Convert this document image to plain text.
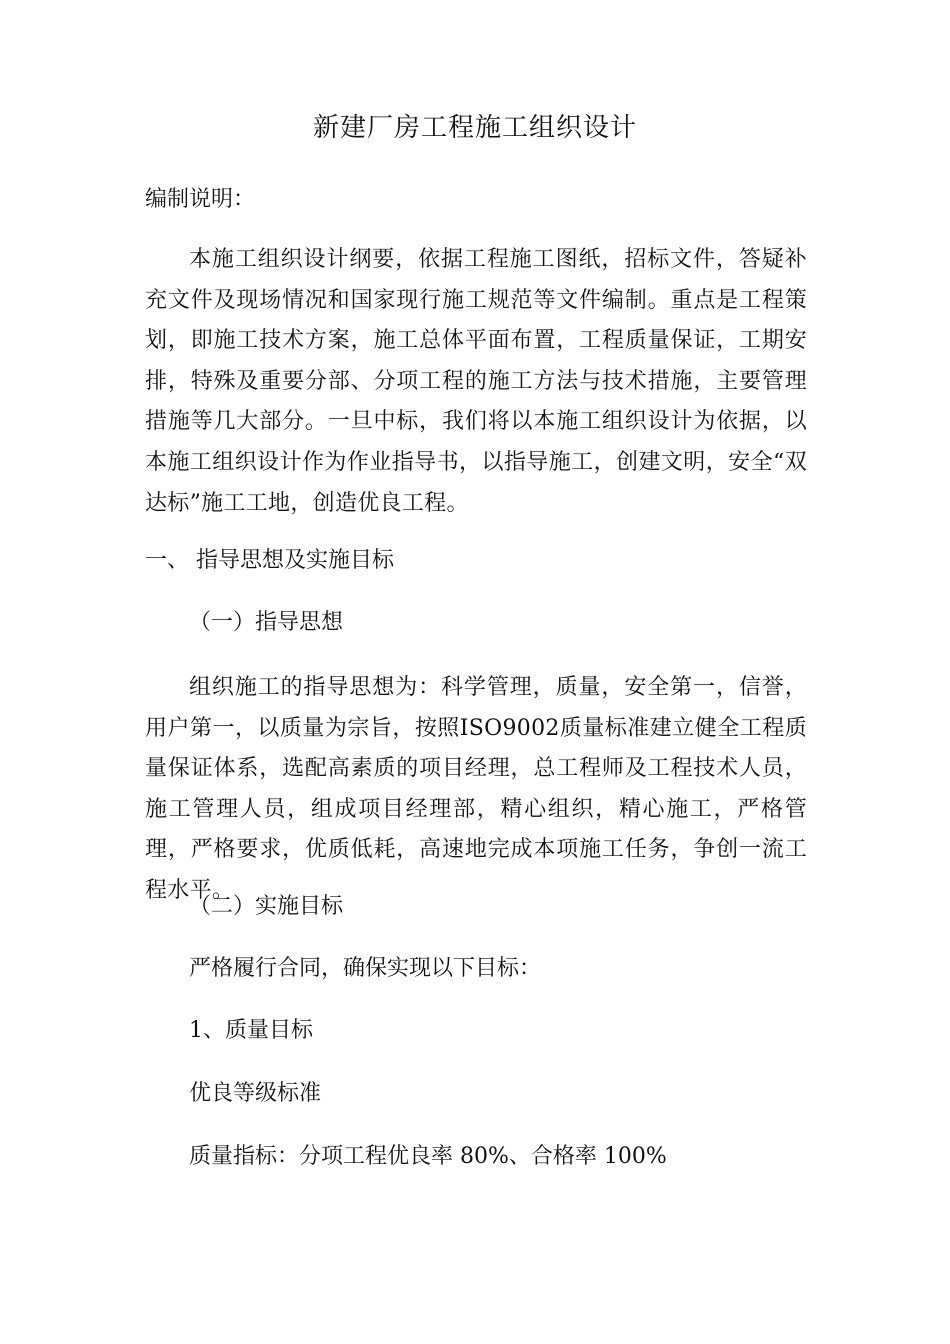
新建厂房工程施工组织设计
编制说明：
本施工组织设计纲要，依据工程施工图纸，招标文件，答疑补充文件及现场情况和国家现行施工规范等文件编制。重点是工程策划，即施工技术方案，施工总体平面布置，工程质量保证，工期安排，特殊及重要分部、分项工程的施工方法与技术措施，主要管理措施等几大部分。一旦中标，我们将以本施工组织设计为依据，以本施工组织设计作为作业指导书，以指导施工，创建文明，安全“双达标”施工工地，创造优良工程。
一、 指导思想及实施目标
（一）指导思想
组织施工的指导思想为：科学管理，质量，安全第一，信誉，用户第一，以质量为宗旨，按照ISO9002质量标准建立健全工程质量保证体系，选配高素质的项目经理，总工程师及工程技术人员，施工管理人员，组成项目经理部，精心组织，精心施工，严格管理，严格要求，优质低耗，高速地完成本项施工任务，争创一流工程水平。
（二）实施目标
严格履行合同，确保实现以下目标：
1、质量目标
优良等级标准
质量指标：分项工程优良率 80%、合格率 100%
